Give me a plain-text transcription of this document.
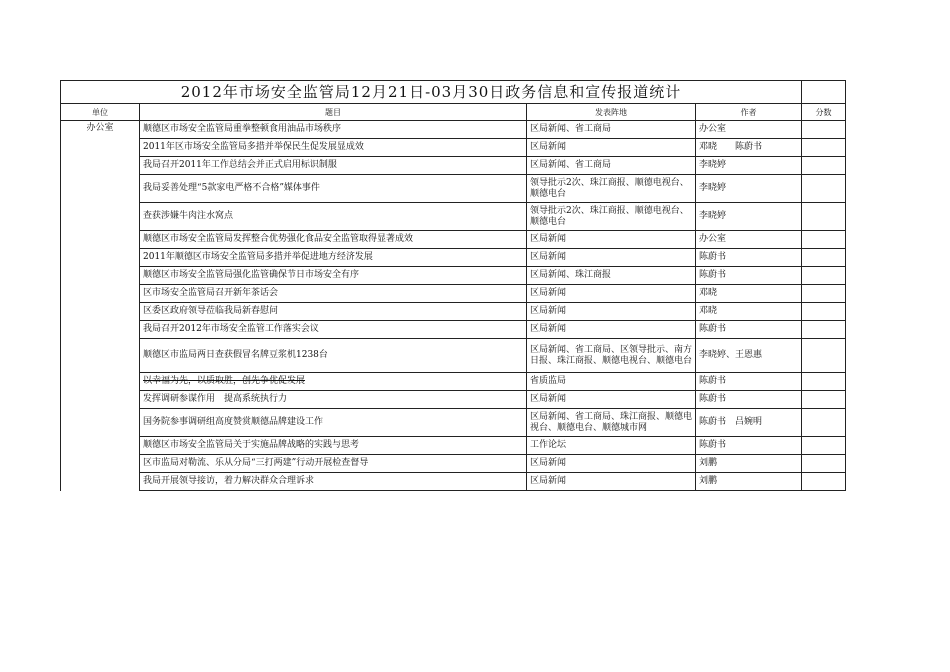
2012年市场安全监管局12月21日-03月30日政务信息和宣传报道统计				
单位	题目	发表阵地	作者	分数
办公室	顺德区市场安全监管局重拳整顿食用油品市场秩序	区局新闻、省工商局	办公室	
	2011年区市场安全监管局多措并举保民生促发展显成效	区局新闻	邓晓　　陈蔚书	
	我局召开2011年工作总结会并正式启用标识制服	区局新闻、省工商局	李晓婷	
	我局妥善处理“5款家电严格不合格”媒体事件	领导批示2次、珠江商报、顺德电视台、顺德电台	李晓婷	
	查获涉嫌牛肉注水窝点	领导批示2次、珠江商报、顺德电视台、顺德电台	李晓婷	
	顺德区市场安全监管局发挥整合优势强化食品安全监管取得显著成效	区局新闻	办公室	
	2011年顺德区市场安全监管局多措并举促进地方经济发展	区局新闻	陈蔚书	
	顺德区市场安全监管局强化监管确保节日市场安全有序	区局新闻、珠江商报	陈蔚书	
	区市场安全监管局召开新年茶话会	区局新闻	邓晓	
	区委区政府领导莅临我局新春慰问	区局新闻	邓晓	
	我局召开2012年市场安全监管工作落实会议	区局新闻	陈蔚书	
	顺德区市监局两日查获假冒名牌豆浆机1238台	区局新闻、省工商局、区领导批示、南方日报、珠江商报、顺德电视台、顺德电台	李晓婷、王恩惠	
	以幸福为先，以质取胜，创先争优促发展	省质监局	陈蔚书	
	发挥调研参谋作用　提高系统执行力	区局新闻	陈蔚书	
	国务院参事调研组高度赞赏顺德品牌建设工作	区局新闻、省工商局、珠江商报、顺德电视台、顺德电台、顺德城市网	陈蔚书　吕婉明	
	顺德区市场安全监管局关于实施品牌战略的实践与思考	工作论坛	陈蔚书	
	区市监局对勒流、乐从分局“三打两建”行动开展检查督导	区局新闻	刘鹏	
	我局开展领导接访，着力解决群众合理诉求	区局新闻	刘鹏	
